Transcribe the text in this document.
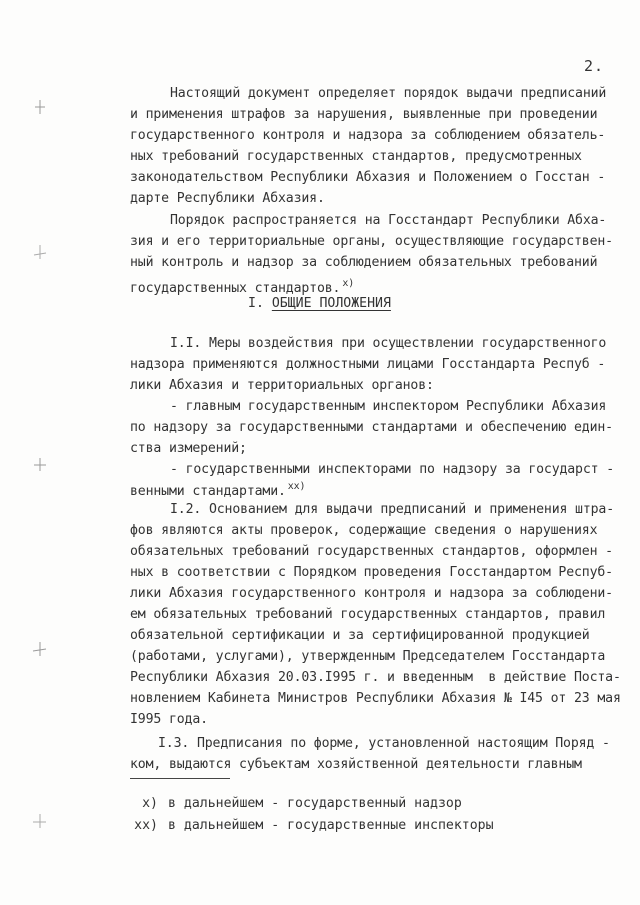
2.
Настоящий документ определяет порядок выдачи предписаний
и применения штрафов за нарушения, выявленные при проведении
государственного контроля и надзора за соблюдением обязатель-
ных требований государственных стандартов, предусмотренных
законодательством Республики Абхазия и Положением о Госстан -
дарте Республики Абхазия.
Порядок распространяется на Госстандарт Республики Абха-
зия и его территориальные органы, осуществляющие государствен-
ный контроль и надзор за соблюдением обязательных требований
государственных стандартов. $^{х)}$
I. ОБЩИЕ ПОЛОЖЕНИЯ
I.I. Меры воздействия при осуществлении государственного
надзора применяются должностными лицами Госстандарта Респуб -
лики Абхазия и территориальных органов:
- главным государственным инспектором Республики Абхазия
по надзору за государственными стандартами и обеспечению един-
ства измерений;
- государственными инспекторами по надзору за государст -
венными стандартами. $^{хх)}$
I.2. Основанием для выдачи предписаний и применения штра-
фов являются акты проверок, содержащие сведения о нарушениях
обязательных требований государственных стандартов, оформлен -
ных в соответствии с Порядком проведения Госстандартом Респуб-
лики Абхазия государственного контроля и надзора за соблюдени-
ем обязательных требований государственных стандартов, правил
обязательной сертификации и за сертифицированной продукцией
(работами, услугами), утвержденным Председателем Госстандарта
Республики Абхазия 20.03.I995 г. и введенным  в действие Поста-
новлением Кабинета Министров Республики Абхазия № I45 от 23 мая
I995 года.
I.3. Предписания по форме, установленной настоящим Поряд -
ком, выдаются субъектам хозяйственной деятельности главным
х) в дальнейшем - государственный надзор
хх) в дальнейшем - государственные инспекторы
